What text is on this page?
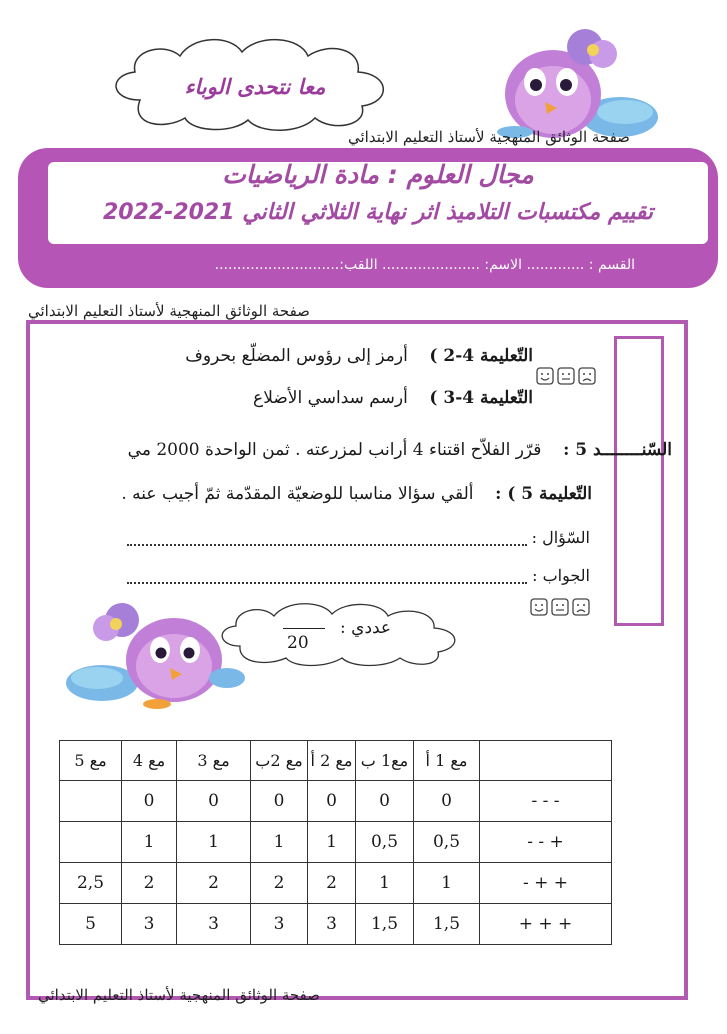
معا نتحدى الوباء
صفحة الوثائق المنهجية لأستاذ التعليم الابتدائي
مجال العلوم : مادة الرياضيات
تقييم مكتسبات التلاميذ اثر نهاية الثلاثي الثاني 2021-2022
القسم : ............. الاسم: ...................... اللقب:............................
صفحة الوثائق المنهجية لأستاذ التعليم الابتدائي
التّعليمة 4-2 )    أرمز إلى رؤوس المضلّع بحروف
التّعليمة 4-3 )    أرسم سداسي الأضلاع
السّنــــــــد 5 :    قرّر الفلاّح اقتناء 4 أرانب لمزرعته . ثمن الواحدة 2000 مي
التّعليمة 5 ) :    ألقي سؤالا مناسبا للوضعيّة المقدّمة ثمّ أجيب عنه .
السّؤال :
الجواب :
عددي :
20
	مع 1 أ	مع1 ب	مع 2 أ	مع 2ب	مع 3	مع 4	مع 5
- - -	0	0	0	0	0	0	
+ - -	0,5	0,5	1	1	1	1	
+ + -	1	1	2	2	2	2	2,5
+ + +	1,5	1,5	3	3	3	3	5
صفحة الوثائق المنهجية لأستاذ التعليم الابتدائي
